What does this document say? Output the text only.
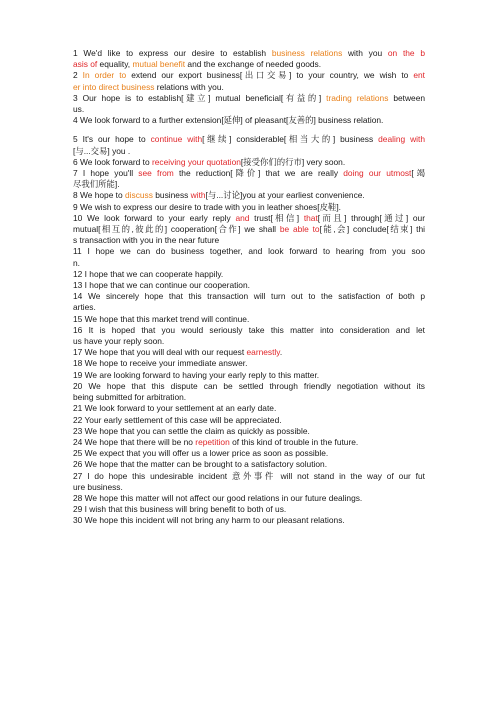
1 We'd like to express our desire to establish business relations with you on the b
asis of equality, mutual benefit and the exchange of needed goods.
2 In order to extend our export business[出口交易] to your country, we wish to ent
er into direct business relations with you.
3 Our hope is to establish[建立] mutual beneficial[有益的] trading relations between
us.
4 We look forward to a further extension[延伸] of pleasant[友善的] business relation.
5 It's our hope to continue with[继续] considerable[相当大的] business dealing with
[与...交易] you .
6 We look forward to receiving your quotation[接受你们的行市] very soon.
7 I hope you'll see from the reduction[降价] that we are really doing our utmost[竭
尽我们所能].
8 We hope to discuss business with[与...讨论]you at your earliest convenience.
9 We wish to express our desire to trade with you in leather shoes[皮鞋].
10 We look forward to your early reply and trust[相信] that[而且] through[通过] our
mutual[相互的,彼此的] cooperation[合作] we shall be able to[能,会] conclude[结束] thi
s transaction with you in the near future
11 I hope we can do business together, and look forward to hearing from you soo
n.
12 I hope that we can cooperate happily.
13 I hope that we can continue our cooperation.
14 We sincerely hope that this transaction will turn out to the satisfaction of both p
arties.
15 We hope that this market trend will continue.
16 It is hoped that you would seriously take this matter into consideration and let
us have your reply soon.
17 We hope that you will deal with our request earnestly.
18 We hope to receive your immediate answer.
19 We are looking forward to having your early reply to this matter.
20 We hope that this dispute can be settled through friendly negotiation without its
being submitted for arbitration.
21 We look forward to your settlement at an early date.
22 Your early settlement of this case will be appreciated.
23 We hope that you can settle the claim as quickly as possible.
24 We hope that there will be no repetition of this kind of trouble in the future.
25 We expect that you will offer us a lower price as soon as possible.
26 We hope that the matter can be brought to a satisfactory solution.
27 I do hope this undesirable incident 意外事件 will not stand in the way of our fut
ure business.
28 We hope this matter will not affect our good relations in our future dealings.
29 I wish that this business will bring benefit to both of us.
30 We hope this incident will not bring any harm to our pleasant relations.
